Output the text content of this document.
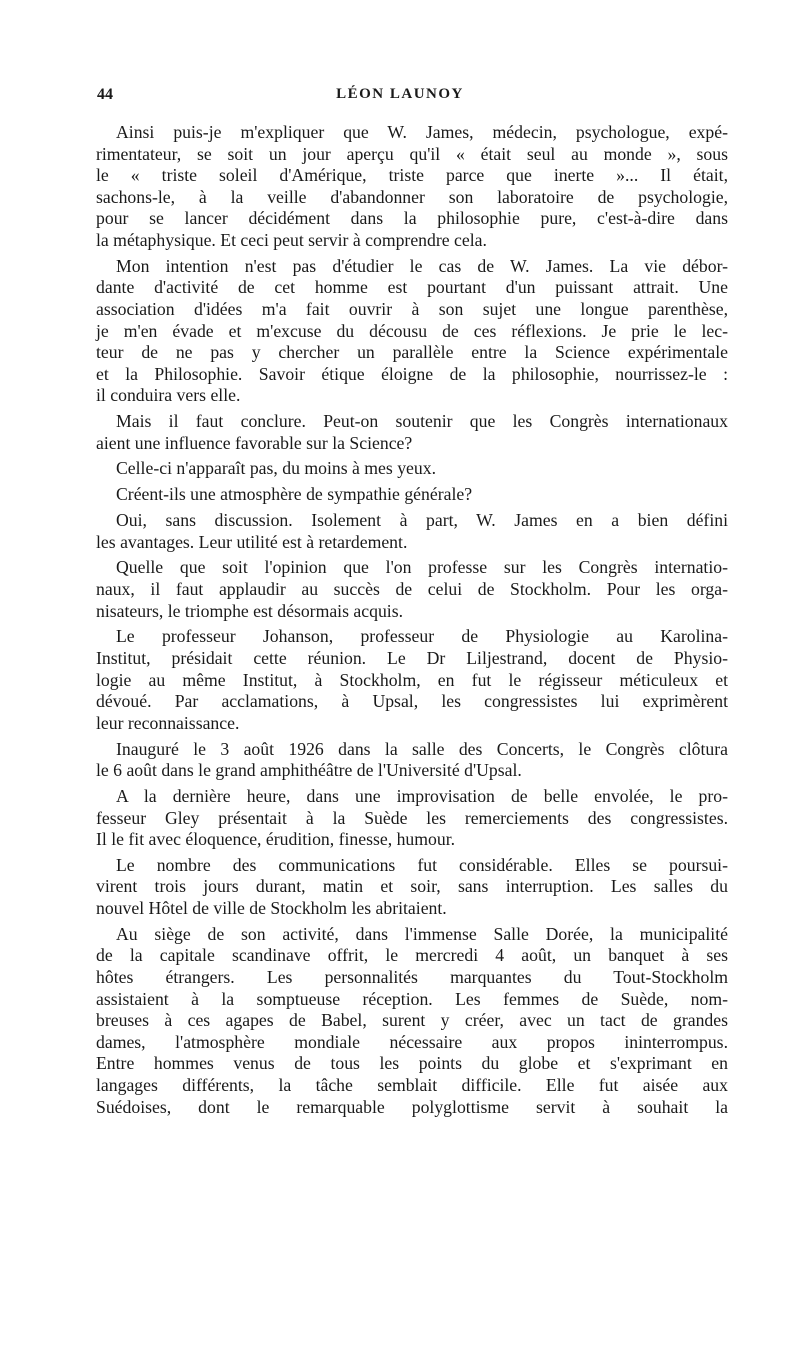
44	LÉON LAUNOY
Ainsi puis-je m'expliquer que W. James, médecin, psychologue, expé-
rimentateur, se soit un jour aperçu qu'il « était seul au monde », sous
le « triste soleil d'Amérique, triste parce que inerte »... Il était,
sachons-le, à la veille d'abandonner son laboratoire de psychologie,
pour se lancer décidément dans la philosophie pure, c'est-à-dire dans
la métaphysique. Et ceci peut servir à comprendre cela.
Mon intention n'est pas d'étudier le cas de W. James. La vie débor-
dante d'activité de cet homme est pourtant d'un puissant attrait. Une
association d'idées m'a fait ouvrir à son sujet une longue parenthèse,
je m'en évade et m'excuse du décousu de ces réflexions. Je prie le lec-
teur de ne pas y chercher un parallèle entre la Science expérimentale
et la Philosophie. Savoir étique éloigne de la philosophie, nourrissez-le :
il conduira vers elle.
Mais il faut conclure. Peut-on soutenir que les Congrès internationaux
aient une influence favorable sur la Science?
Celle-ci n'apparaît pas, du moins à mes yeux.
Créent-ils une atmosphère de sympathie générale?
Oui, sans discussion. Isolement à part, W. James en a bien défini
les avantages. Leur utilité est à retardement.
Quelle que soit l'opinion que l'on professe sur les Congrès internatio-
naux, il faut applaudir au succès de celui de Stockholm. Pour les orga-
nisateurs, le triomphe est désormais acquis.
Le professeur Johanson, professeur de Physiologie au Karolina-
Institut, présidait cette réunion. Le Dr Liljestrand, docent de Physio-
logie au même Institut, à Stockholm, en fut le régisseur méticuleux et
dévoué. Par acclamations, à Upsal, les congressistes lui exprimèrent
leur reconnaissance.
Inauguré le 3 août 1926 dans la salle des Concerts, le Congrès clôtura
le 6 août dans le grand amphithéâtre de l'Université d'Upsal.
A la dernière heure, dans une improvisation de belle envolée, le pro-
fesseur Gley présentait à la Suède les remerciements des congressistes.
Il le fit avec éloquence, érudition, finesse, humour.
Le nombre des communications fut considérable. Elles se poursui-
virent trois jours durant, matin et soir, sans interruption. Les salles du
nouvel Hôtel de ville de Stockholm les abritaient.
Au siège de son activité, dans l'immense Salle Dorée, la municipalité
de la capitale scandinave offrit, le mercredi 4 août, un banquet à ses
hôtes étrangers. Les personnalités marquantes du Tout-Stockholm
assistaient à la somptueuse réception. Les femmes de Suède, nom-
breuses à ces agapes de Babel, surent y créer, avec un tact de grandes
dames, l'atmosphère mondiale nécessaire aux propos ininterrompus.
Entre hommes venus de tous les points du globe et s'exprimant en
langages différents, la tâche semblait difficile. Elle fut aisée aux
Suédoises, dont le remarquable polyglottisme servit à souhait la
